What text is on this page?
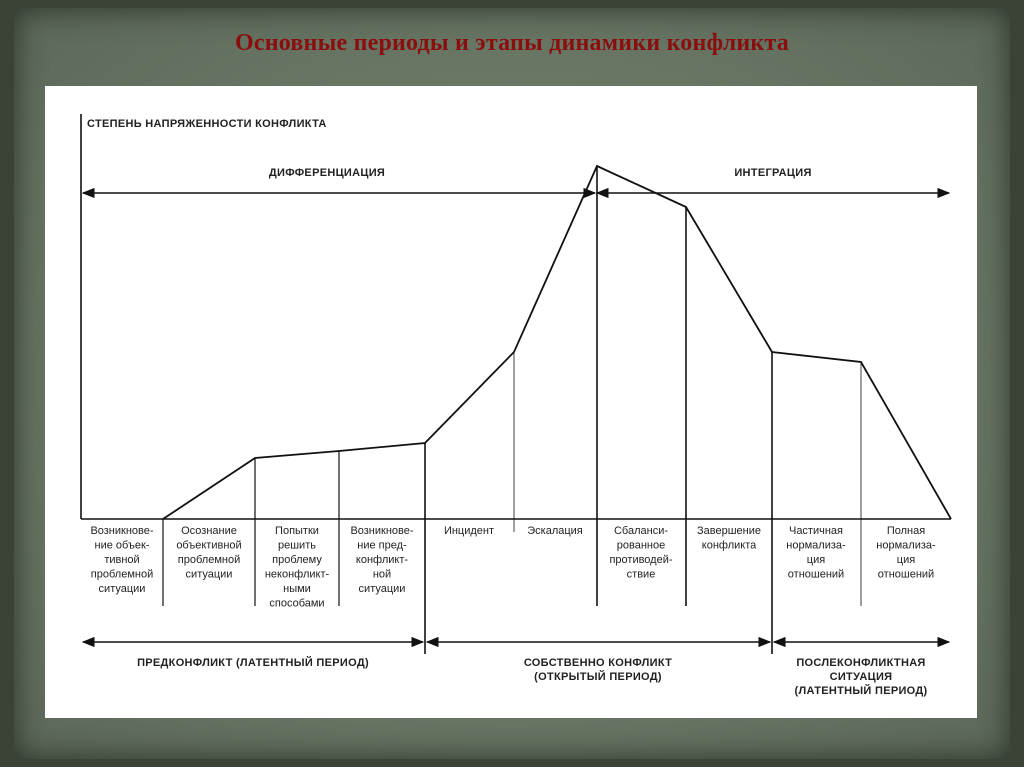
Основные периоды и этапы динамики конфликта
СТЕПЕНЬ НАПРЯЖЕННОСТИ КОНФЛИКТА
ДИФФЕРЕНЦИАЦИЯ	ИНТЕГРАЦИЯ
Возникнове-ние объек-тивной проблемной ситуации
Осознание объективной проблемной ситуации
Попытки решить проблему неконфликт-ными способами
Возникнове-ние пред-конфликт-ной ситуации
Инцидент	Эскалация	Сбаланси-рованное противодей-ствие
Завершение конфликта
Частичная нормализа-ция отношений
Полная нормализа-ция отношений
ПРЕДКОНФЛИКТ (ЛАТЕНТНЫЙ ПЕРИОД)	СОБСТВЕННО КОНФЛИКТ (ОТКРЫТЫЙ ПЕРИОД)
ПОСЛЕКОНФЛИКТНАЯ СИТУАЦИЯ (ЛАТЕНТНЫЙ ПЕРИОД)
